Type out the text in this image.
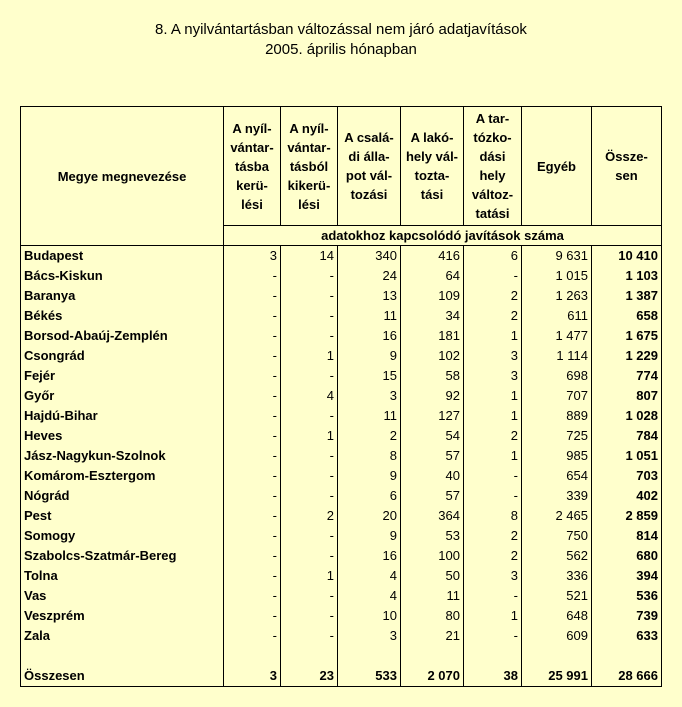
8. A nyilvántartásban változással nem járó adatjavítások
2005. április hónapban
Megye megnevezése	A nyíl-vántar-tásba kerü-lési	A nyíl-vántar-tásból kikerü-lési	A csalá-di álla-pot vál-tozási	A lakó-hely vál-tozta-tási	A tar-tózko-dási hely változ-tatási	Egyéb	Össze-sen
	adatokhoz kapcsolódó javítások száma						
Budapest	3	14	340	416	6	9 631	10 410
Bács-Kiskun	-	-	24	64	-	1 015	1 103
Baranya	-	-	13	109	2	1 263	1 387
Békés	-	-	11	34	2	611	658
Borsod-Abaúj-Zemplén	-	-	16	181	1	1 477	1 675
Csongrád	-	1	9	102	3	1 114	1 229
Fejér	-	-	15	58	3	698	774
Győr	-	4	3	92	1	707	807
Hajdú-Bihar	-	-	11	127	1	889	1 028
Heves	-	1	2	54	2	725	784
Jász-Nagykun-Szolnok	-	-	8	57	1	985	1 051
Komárom-Esztergom	-	-	9	40	-	654	703
Nógrád	-	-	6	57	-	339	402
Pest	-	2	20	364	8	2 465	2 859
Somogy	-	-	9	53	2	750	814
Szabolcs-Szatmár-Bereg	-	-	16	100	2	562	680
Tolna	-	1	4	50	3	336	394
Vas	-	-	4	11	-	521	536
Veszprém	-	-	10	80	1	648	739
Zala	-	-	3	21	-	609	633

Összesen	3	23	533	2 070	38	25 991	28 666
